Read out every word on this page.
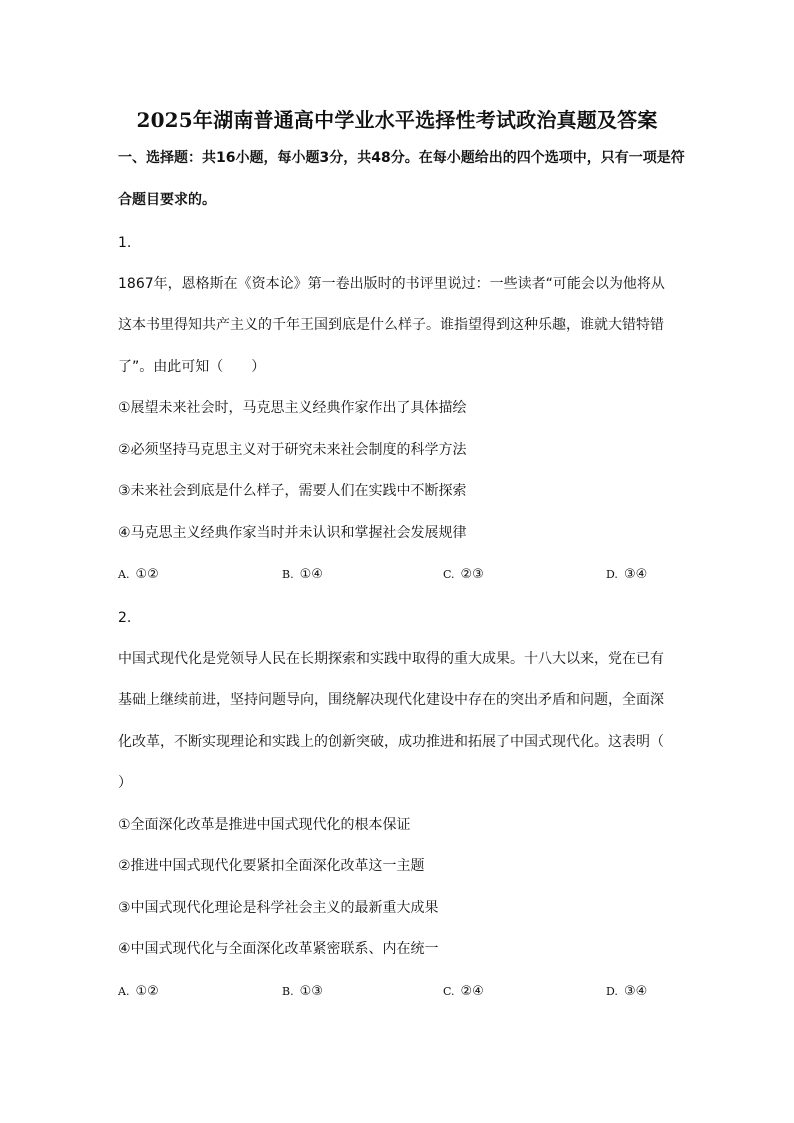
2025年湖南普通高中学业水平选择性考试政治真题及答案
一、选择题：共16小题，每小题3分，共48分。在每小题给出的四个选项中，只有一项是符
合题目要求的。
1.
1867年，恩格斯在《资本论》第一卷出版时的书评里说过：一些读者“可能会以为他将从
这本书里得知共产主义的千年王国到底是什么样子。谁指望得到这种乐趣，谁就大错特错
了”。由此可知（　　）
①展望未来社会时，马克思主义经典作家作出了具体描绘
②必须坚持马克思主义对于研究未来社会制度的科学方法
③未来社会到底是什么样子，需要人们在实践中不断探索
④马克思主义经典作家当时并未认识和掌握社会发展规律
A. ①②	B. ①④	C. ②③	D. ③④
2.
中国式现代化是党领导人民在长期探索和实践中取得的重大成果。十八大以来，党在已有
基础上继续前进，坚持问题导向，围绕解决现代化建设中存在的突出矛盾和问题，全面深
化改革，不断实现理论和实践上的创新突破，成功推进和拓展了中国式现代化。这表明（
）
①全面深化改革是推进中国式现代化的根本保证
②推进中国式现代化要紧扣全面深化改革这一主题
③中国式现代化理论是科学社会主义的最新重大成果
④中国式现代化与全面深化改革紧密联系、内在统一
A. ①②	B. ①③	C. ②④	D. ③④
